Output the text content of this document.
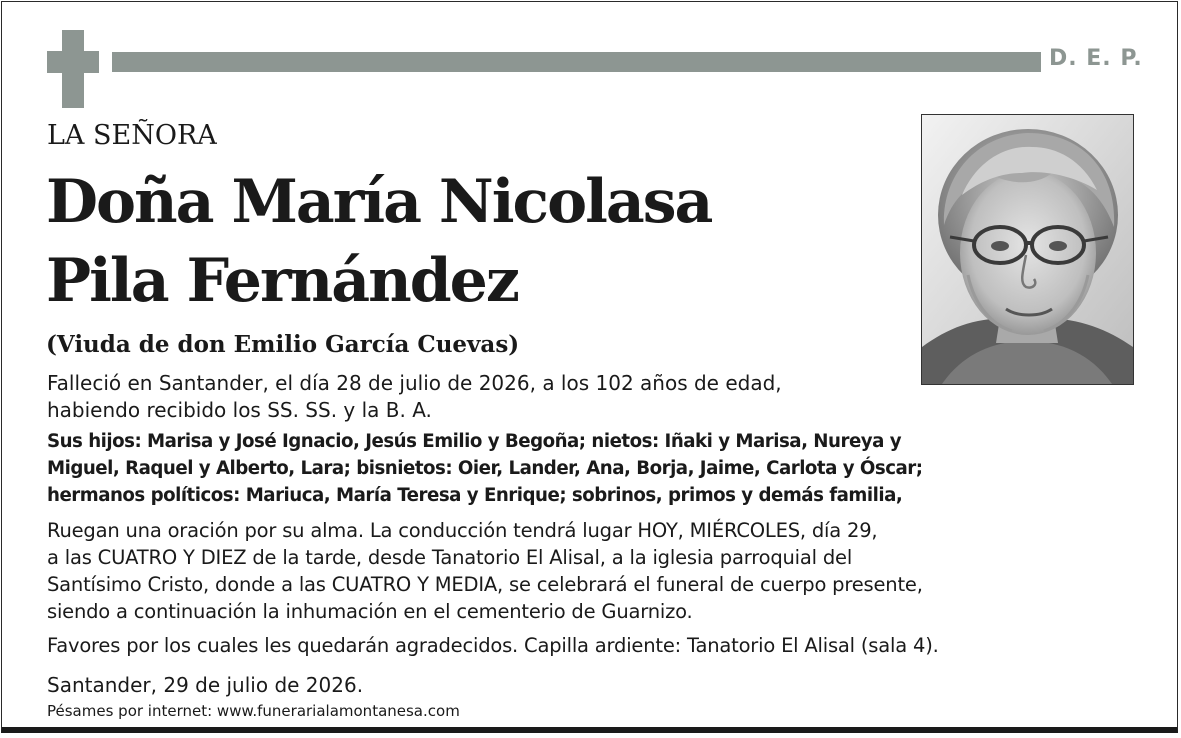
D. E. P.
LA SEÑORA
Doña María Nicolasa
Pila Fernández
(Viuda de don Emilio García Cuevas)
Falleció en Santander, el día 28 de julio de 2026, a los 102 años de edad,
habiendo recibido los SS. SS. y la B. A.
Sus hijos: Marisa y José Ignacio, Jesús Emilio y Begoña; nietos: Iñaki y Marisa, Nureya y
Miguel, Raquel y Alberto, Lara; bisnietos: Oier, Lander, Ana, Borja, Jaime, Carlota y Óscar;
hermanos políticos: Mariuca, María Teresa y Enrique; sobrinos, primos y demás familia,
Ruegan una oración por su alma. La conducción tendrá lugar HOY, MIÉRCOLES, día 29,
a las CUATRO Y DIEZ de la tarde, desde Tanatorio El Alisal, a la iglesia parroquial del
Santísimo Cristo, donde a las CUATRO Y MEDIA, se celebrará el funeral de cuerpo presente,
siendo a continuación la inhumación en el cementerio de Guarnizo.
Favores por los cuales les quedarán agradecidos. Capilla ardiente: Tanatorio El Alisal (sala 4).
Santander, 29 de julio de 2026.
Pésames por internet: www.funerarialamontanesa.com
